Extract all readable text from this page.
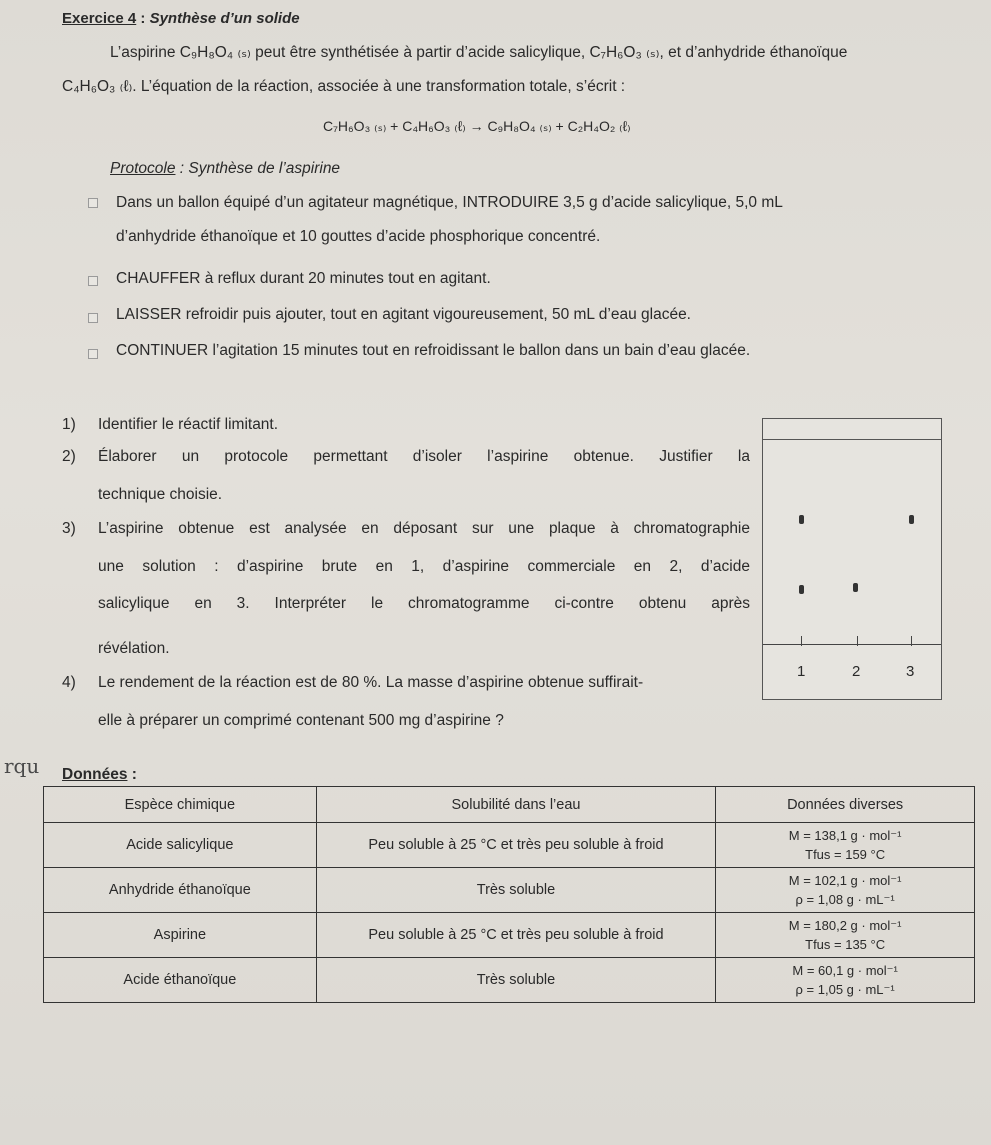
Exercice 4 : Synthèse d’un solide
L’aspirine C₉H₈O₄ ₍ₛ₎ peut être synthétisée à partir d’acide salicylique, C₇H₆O₃ ₍ₛ₎, et d’anhydride éthanoïque
C₄H₆O₃ ₍ℓ₎. L’équation de la réaction, associée à une transformation totale, s’écrit :
C₇H₆O₃ ₍ₛ₎ + C₄H₆O₃ ₍ℓ₎ → C₉H₈O₄ ₍ₛ₎ + C₂H₄O₂ ₍ℓ₎
Protocole : Synthèse de l’aspirine
Dans un ballon équipé d’un agitateur magnétique, INTRODUIRE 3,5 g d’acide salicylique, 5,0 mL
d’anhydride éthanoïque et 10 gouttes d’acide phosphorique concentré.
CHAUFFER à reflux durant 20 minutes tout en agitant.
LAISSER refroidir puis ajouter, tout en agitant vigoureusement, 50 mL d’eau glacée.
CONTINUER l’agitation 15 minutes tout en refroidissant le ballon dans un bain d’eau glacée.
1) Identifier le réactif limitant.
2) Élaborer un protocole permettant d’isoler l’aspirine obtenue. Justifier la
technique choisie.
3) L’aspirine obtenue est analysée en déposant sur une plaque à chromatographie
une solution : d’aspirine brute en 1, d’aspirine commerciale en 2, d’acide
salicylique en 3. Interpréter le chromatogramme ci-contre obtenu après
révélation.
4) Le rendement de la réaction est de 80 %. La masse d’aspirine obtenue suffirait-
elle à préparer un comprimé contenant 500 mg d’aspirine ?
1	2	3
rqu Données :
Espèce chimique	Solubilité dans l’eau	Données diverses
Acide salicylique	Peu soluble à 25 °C et très peu soluble à froid	M = 138,1 g · mol⁻¹
Tfus = 159 °C

Anhydride éthanoïque	Très soluble	M = 102,1 g · mol⁻¹
ρ = 1,08 g · mL⁻¹

Aspirine	Peu soluble à 25 °C et très peu soluble à froid	M = 180,2 g · mol⁻¹
Tfus = 135 °C

Acide éthanoïque	Très soluble	M = 60,1 g · mol⁻¹
ρ = 1,05 g · mL⁻¹
